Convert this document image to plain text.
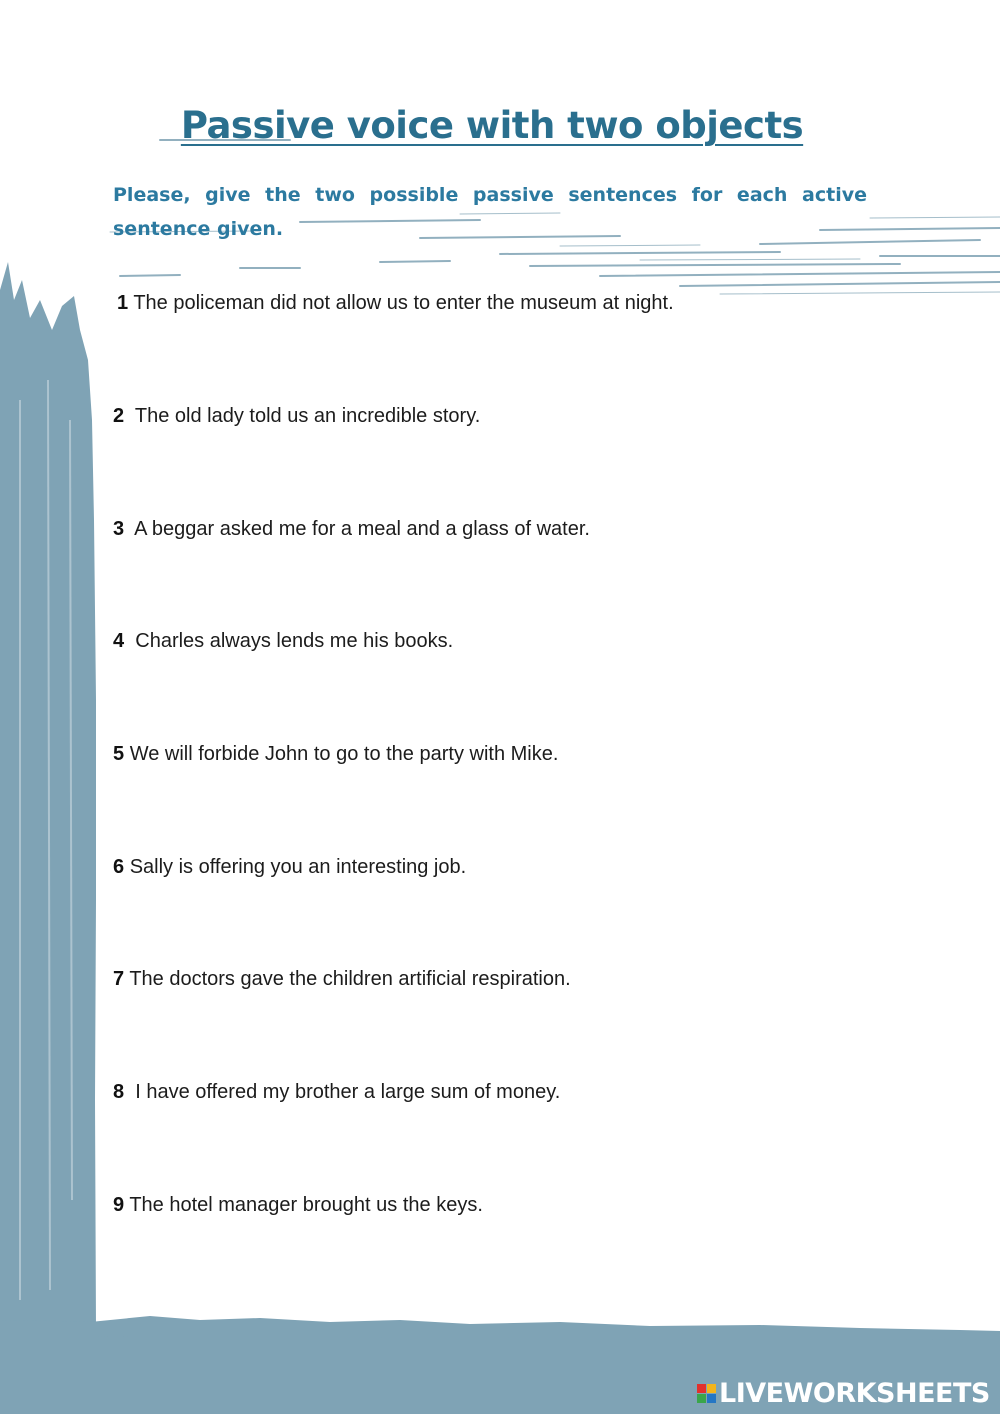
Passive voice with two objects

Please, give the two possible passive sentences for each active sentence given.

1 The policeman did not allow us to enter the museum at night.

2 The old lady told us an incredible story.

3 A beggar asked me for a meal and a glass of water.

4 Charles always lends me his books.

5 We will forbide John to go to the party with Mike.

6 Sally is offering you an interesting job.

7 The doctors gave the children artificial respiration.

8 I have offered my brother a large sum of money.

9 The hotel manager brought us the keys.

LIVEWORKSHEETS
